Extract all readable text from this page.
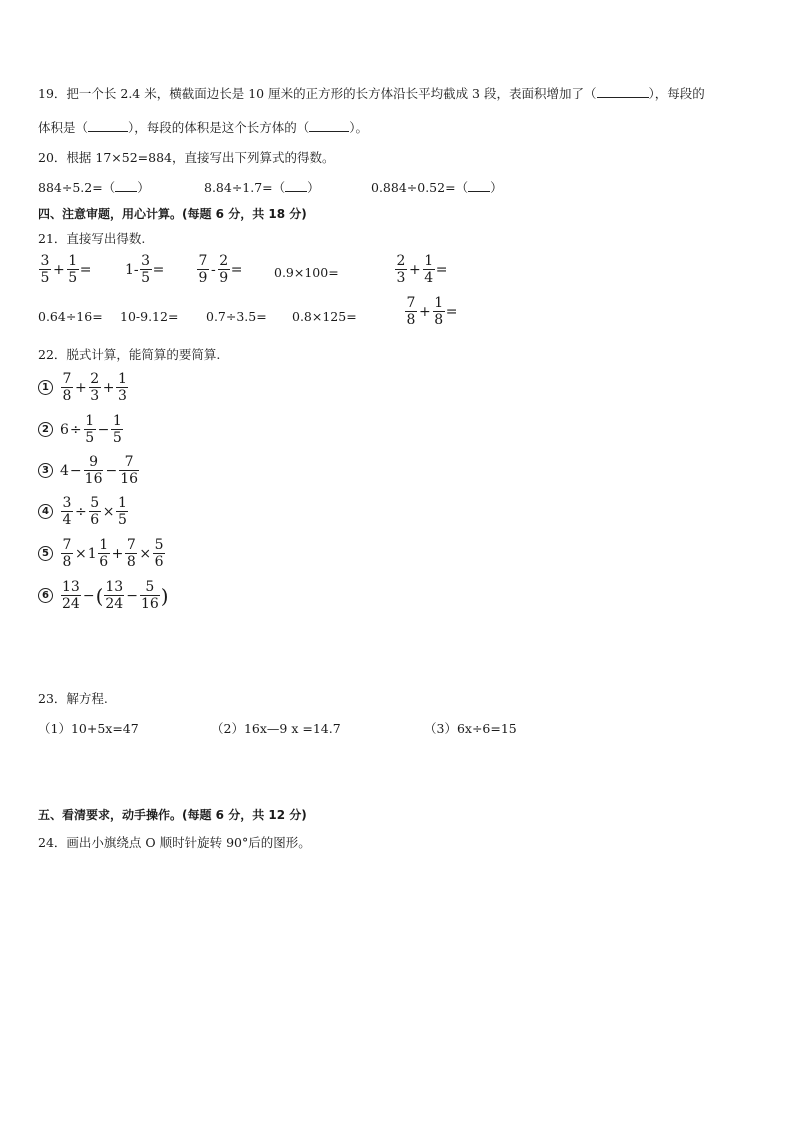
19．把一个长 2.4 米，横截面边长是 10 厘米的正方形的长方体沿长平均截成 3 段，表面积增加了（	），每段的
体积是（	），每段的体积是这个长方体的（	）。
20．根据 17×52=884，直接写出下列算式的得数。
884÷5.2=（ ）	8.84÷1.7=（ ）	0.884÷0.52=（ ）
四、注意审题，用心计算。(每题 6 分，共 18 分)
21．直接写出得数.
$\frac{3}{5} + \frac{1}{5} = 1- \frac{3}{5} = \frac{7}{9} - \frac{2}{9}$ =	0.9×100=	$\frac{2}{3} + \frac{1}{4}$ =
0.64÷16= 10-9.12= 0.7÷3.5= 0.8×125=	$\frac{7}{8} + \frac{1}{8}$ =
22．脱式计算，能简算的要简算.
$1 \frac{7}{8} + \frac{2}{3} + \frac{1}{3}$
2 $6 \div \frac{1}{5} - \frac{1}{5}$
3 $4 - \frac{9}{16} - \frac{7}{16}$
$4 \frac{3}{4} \div \frac{5}{6} \times \frac{1}{5}$
$5 \frac{7}{8} \times 1 \frac{1}{6} + \frac{7}{8} \times \frac{5}{6}$
$6 \frac{13}{24}$ − ( $\frac{13}{24} - \frac{5}{16}$ )
23．解方程.
（1）10+5x=47	（2）16x—9 x =14.7	（3）6x÷6=15
五、看清要求，动手操作。(每题 6 分，共 12 分)
24．画出小旗绕点 O 顺时针旋转 90°后的图形。
